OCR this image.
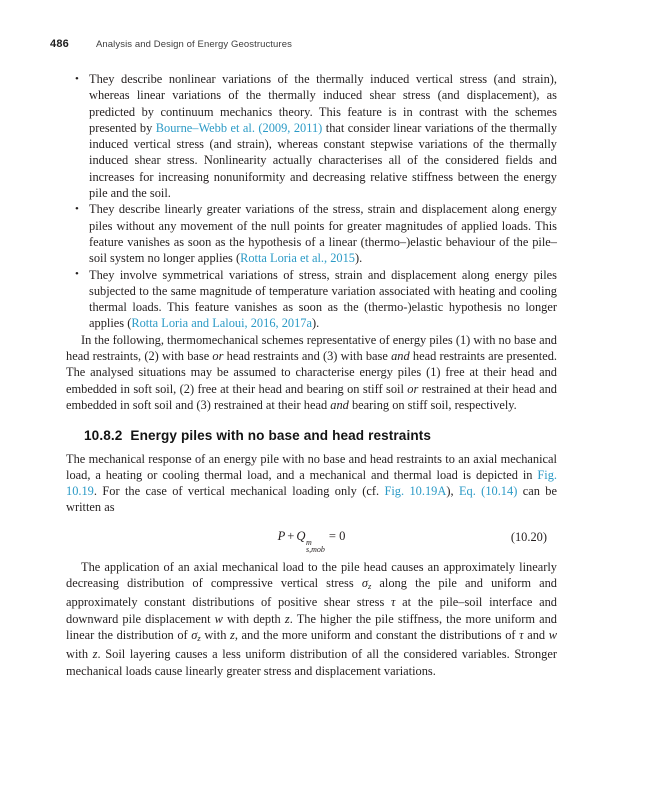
486	Analysis and Design of Energy Geostructures
• They describe nonlinear variations of the thermally induced vertical stress (and strain), whereas linear variations of the thermally induced shear stress (and displacement), as predicted by continuum mechanics theory. This feature is in contrast with the schemes presented by Bourne–Webb et al. (2009, 2011) that consider linear variations of the thermally induced vertical stress (and strain), whereas constant stepwise variations of the thermally induced shear stress. Nonlinearity actually characterises all of the considered fields and increases for increasing nonuniformity and decreasing relative stiffness between the energy pile and the soil.
• They describe linearly greater variations of the stress, strain and displacement along energy piles without any movement of the null points for greater magnitudes of applied loads. This feature vanishes as soon as the hypothesis of a linear (thermo–)elastic behaviour of the pile–soil system no longer applies (Rotta Loria et al., 2015).
• They involve symmetrical variations of stress, strain and displacement along energy piles subjected to the same magnitude of temperature variation associated with heating and cooling thermal loads. This feature vanishes as soon as the (thermo-)elastic hypothesis no longer applies (Rotta Loria and Laloui, 2016, 2017a).

In the following, thermomechanical schemes representative of energy piles (1) with no base and head restraints, (2) with base or head restraints and (3) with base and head restraints are presented. The analysed situations may be assumed to characterise energy piles (1) free at their head and embedded in soft soil, (2) free at their head and bearing on stiff soil or restrained at their head and embedded in soft soil and (3) restrained at their head and bearing on stiff soil, respectively.

10.8.2 Energy piles with no base and head restraints

The mechanical response of an energy pile with no base and head restraints to an axial mechanical load, a heating or cooling thermal load, and a mechanical and thermal load is depicted in Fig. 10.19. For the case of vertical mechanical loading only (cf. Fig. 10.19A), Eq. (10.14) can be written as

P + Q m
s,mob
= 0	(10.20)

The application of an axial mechanical load to the pile head causes an approximately linearly decreasing distribution of compressive vertical stress σz along the pile and uniform and approximately constant distributions of positive shear stress τ at the pile–soil interface and downward pile displacement w with depth z. The higher the pile stiffness, the more uniform and linear the distribution of σz with z, and the more uniform and constant the distributions of τ and w with z. Soil layering causes a less uniform distribution of all the considered variables. Stronger mechanical loads cause linearly greater stress and displacement variations.
